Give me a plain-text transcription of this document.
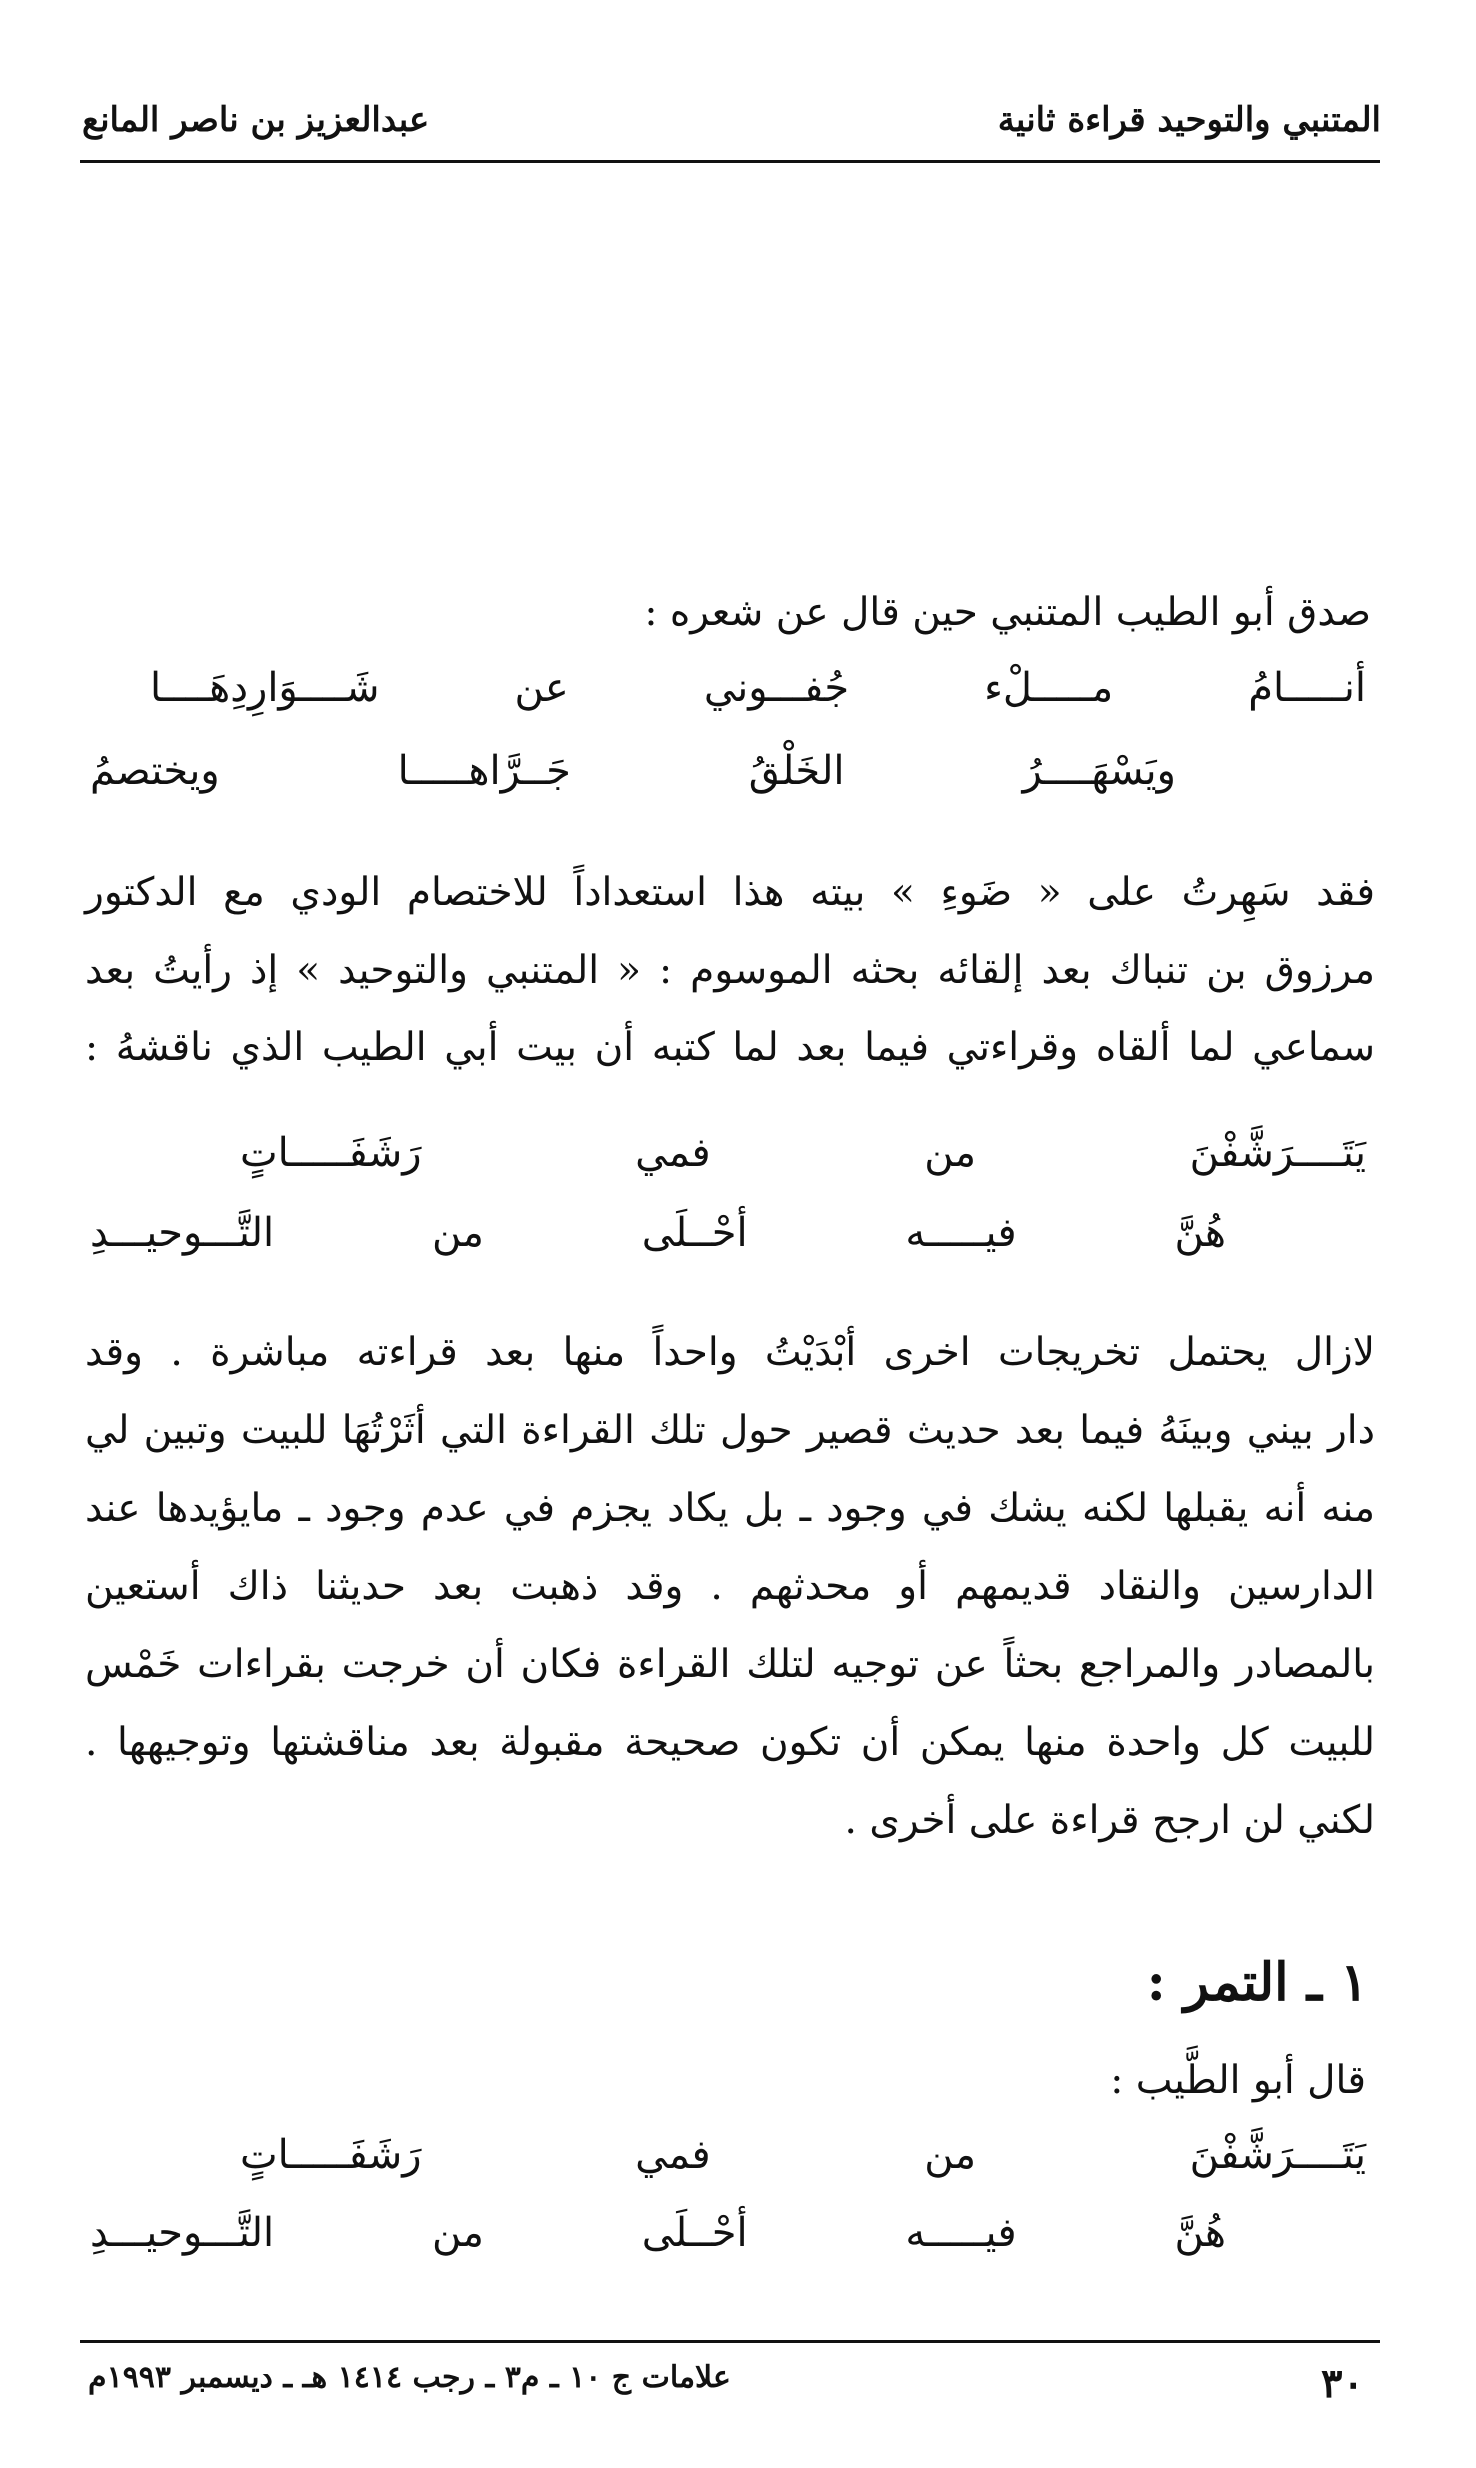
المتنبي والتوحيد قراءة ثانية
عبدالعزيز بن ناصر المانع
صدق أبو الطيب المتنبي حين قال عن شعره :
أنـــــامُ
مـــــلْء
جُفـــوني
عن
شَــــوَارِدِهَــــا
ويَسْهَــــرُ
الخَلْقُ
جَــرَّاهـــــا
ويختصمُ
فقد سَهِرتُ على « ضَوءِ » بيته هذا استعداداً للاختصام الودي مع الدكتور
مرزوق بن تنباك بعد إلقائه بحثه الموسوم : « المتنبي والتوحيد » إذ رأيتُ بعد
سماعي لما ألقاه وقراءتي فيما بعد لما كتبه أن بيت أبي الطيب الذي ناقشهُ :
يَتَــــرَشَّفْنَ
من
فمي
رَشَفَـــــاتٍ
هُنَّ
فيـــــه
أحْــلَى
من
التَّـــوحيـــدِ
لازال يحتمل تخريجات اخرى أبْدَيْتُ واحداً منها بعد قراءته مباشرة . وقد
دار بيني وبينَهُ فيما بعد حديث قصير حول تلك القراءة التي أثَرْتُهَا للبيت وتبين لي
منه أنه يقبلها لكنه يشك في وجود ـ بل يكاد يجزم في عدم وجود ـ مايؤيدها عند
الدارسين والنقاد قديمهم أو محدثهم . وقد ذهبت بعد حديثنا ذاك أستعين
بالمصادر والمراجع بحثاً عن توجيه لتلك القراءة فكان أن خرجت بقراءات خَمْس
للبيت كل واحدة منها يمكن أن تكون صحيحة مقبولة بعد مناقشتها وتوجيهها .
لكني لن ارجح قراءة على أخرى .
١ ـ التمر :
قال أبو الطَّيب :
يَتَــــرَشَّفْنَ
من
فمي
رَشَفَـــــاتٍ
هُنَّ
فيـــــه
أحْــلَى
من
التَّـــوحيـــدِ
علامات ج ١٠ ـ م٣ ـ رجب ١٤١٤ هـ ـ ديسمبر ١٩٩٣م	٣٠
